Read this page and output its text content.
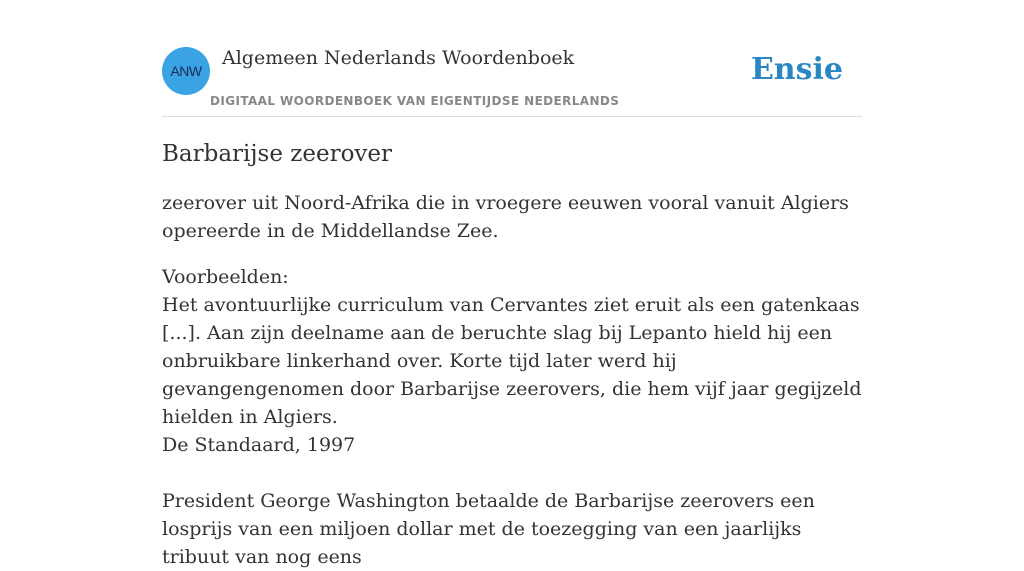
ANW
Algemeen Nederlands Woordenboek
DIGITAAL WOORDENBOEK VAN EIGENTIJDSE NEDERLANDS
Ensie
Barbarijse zeerover

zeerover uit Noord-Afrika die in vroegere eeuwen vooral vanuit Algiers opereerde in de Middellandse Zee.

Voorbeelden:

Het avontuurlijke curriculum van Cervantes ziet eruit als een gatenkaas [...]. Aan zijn deelname aan de beruchte slag bij Lepanto hield hij een onbruikbare linkerhand over. Korte tijd later werd hij gevangengenomen door Barbarijse zeerovers, die hem vijf jaar gegijzeld hielden in Algiers.

De Standaard, 1997

President George Washington betaalde de Barbarijse zeerovers een losprijs van een miljoen dollar met de toezegging van een jaarlijks tribuut van nog eens
